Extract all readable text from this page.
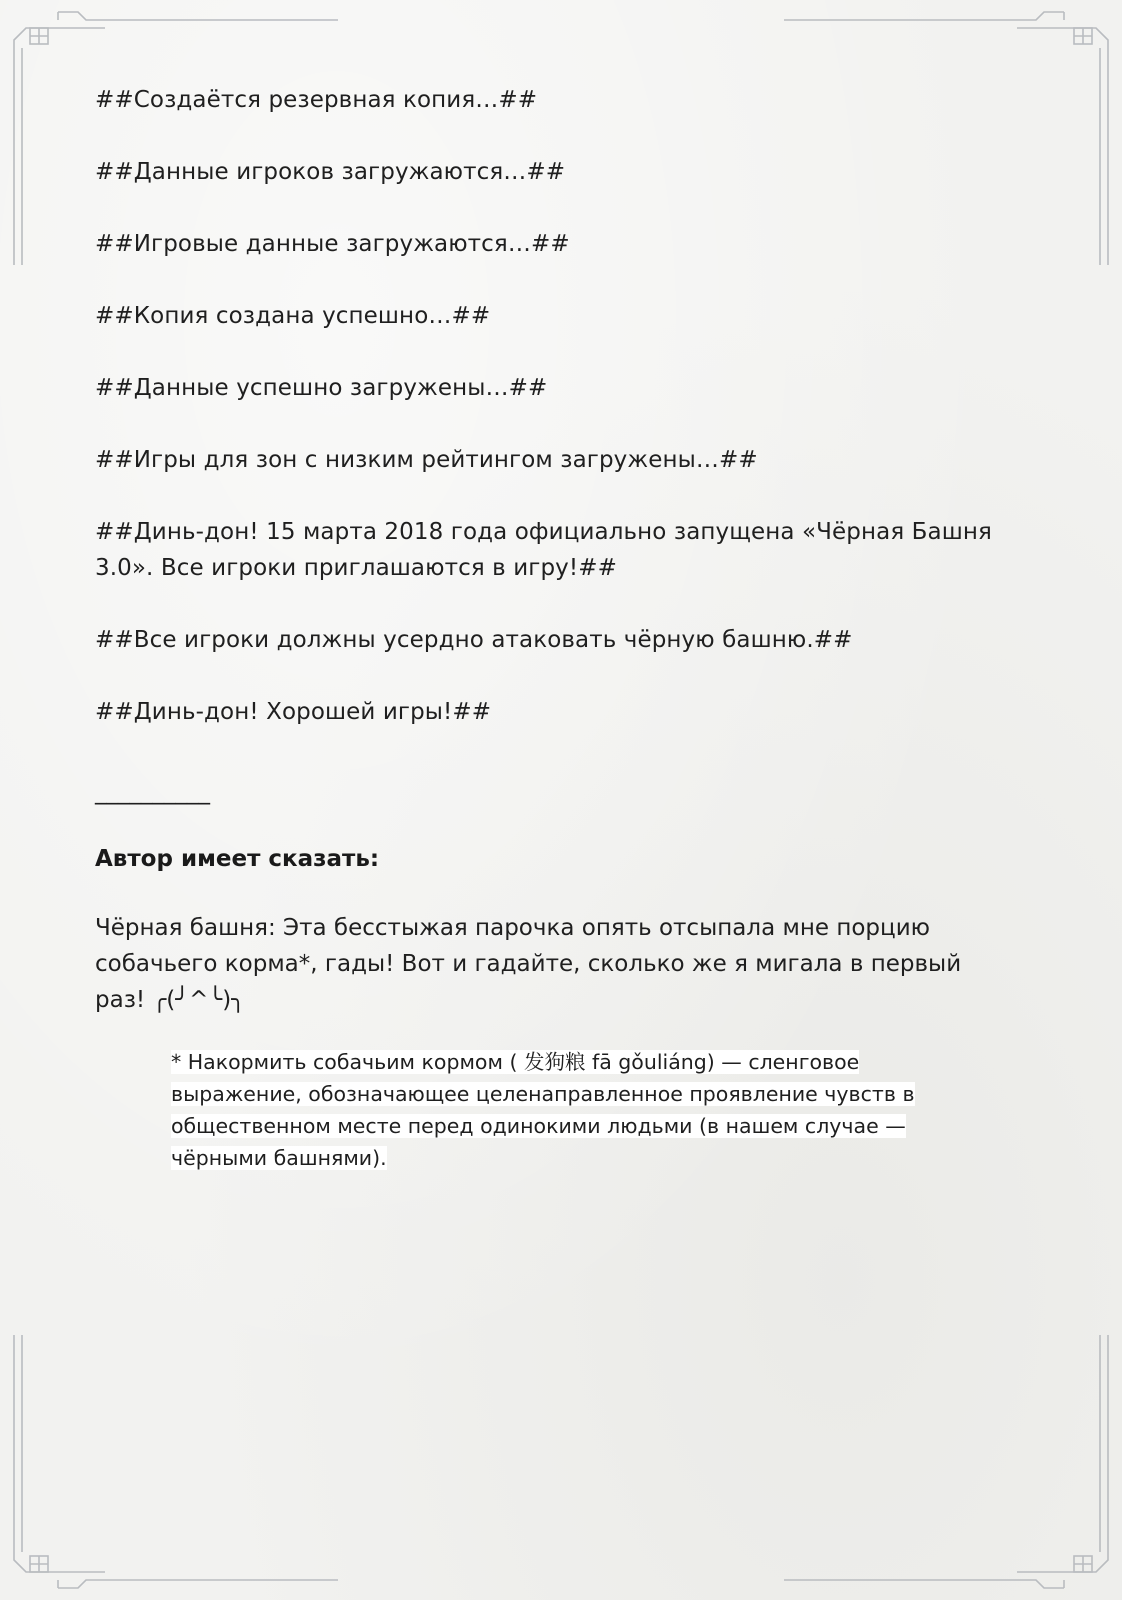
##Создаётся резервная копия…##

##Данные игроков загружаются…##

##Игровые данные загружаются…##

##Копия создана успешно…##

##Данные успешно загружены…##

##Игры для зон с низким рейтингом загружены…##

##Динь-дон! 15 марта 2018 года официально запущена «Чёрная Башня 3.0». Все игроки приглашаются в игру!##

##Все игроки должны усердно атаковать чёрную башню.##

##Динь-дон! Хорошей игры!##

__________
Автор имеет сказать:
Чёрная башня: Эта бесстыжая парочка опять отсыпала мне порцию собачьего корма*, гады! Вот и гадайте, сколько же я мигала в первый раз! ╭(╯^╰)╮
* Накормить собачьим кормом ( 发狗粮 fā gǒuliáng) — сленговое выражение, обозначающее целенаправленное проявление чувств в общественном месте перед одинокими людьми (в нашем случае — чёрными башнями).
